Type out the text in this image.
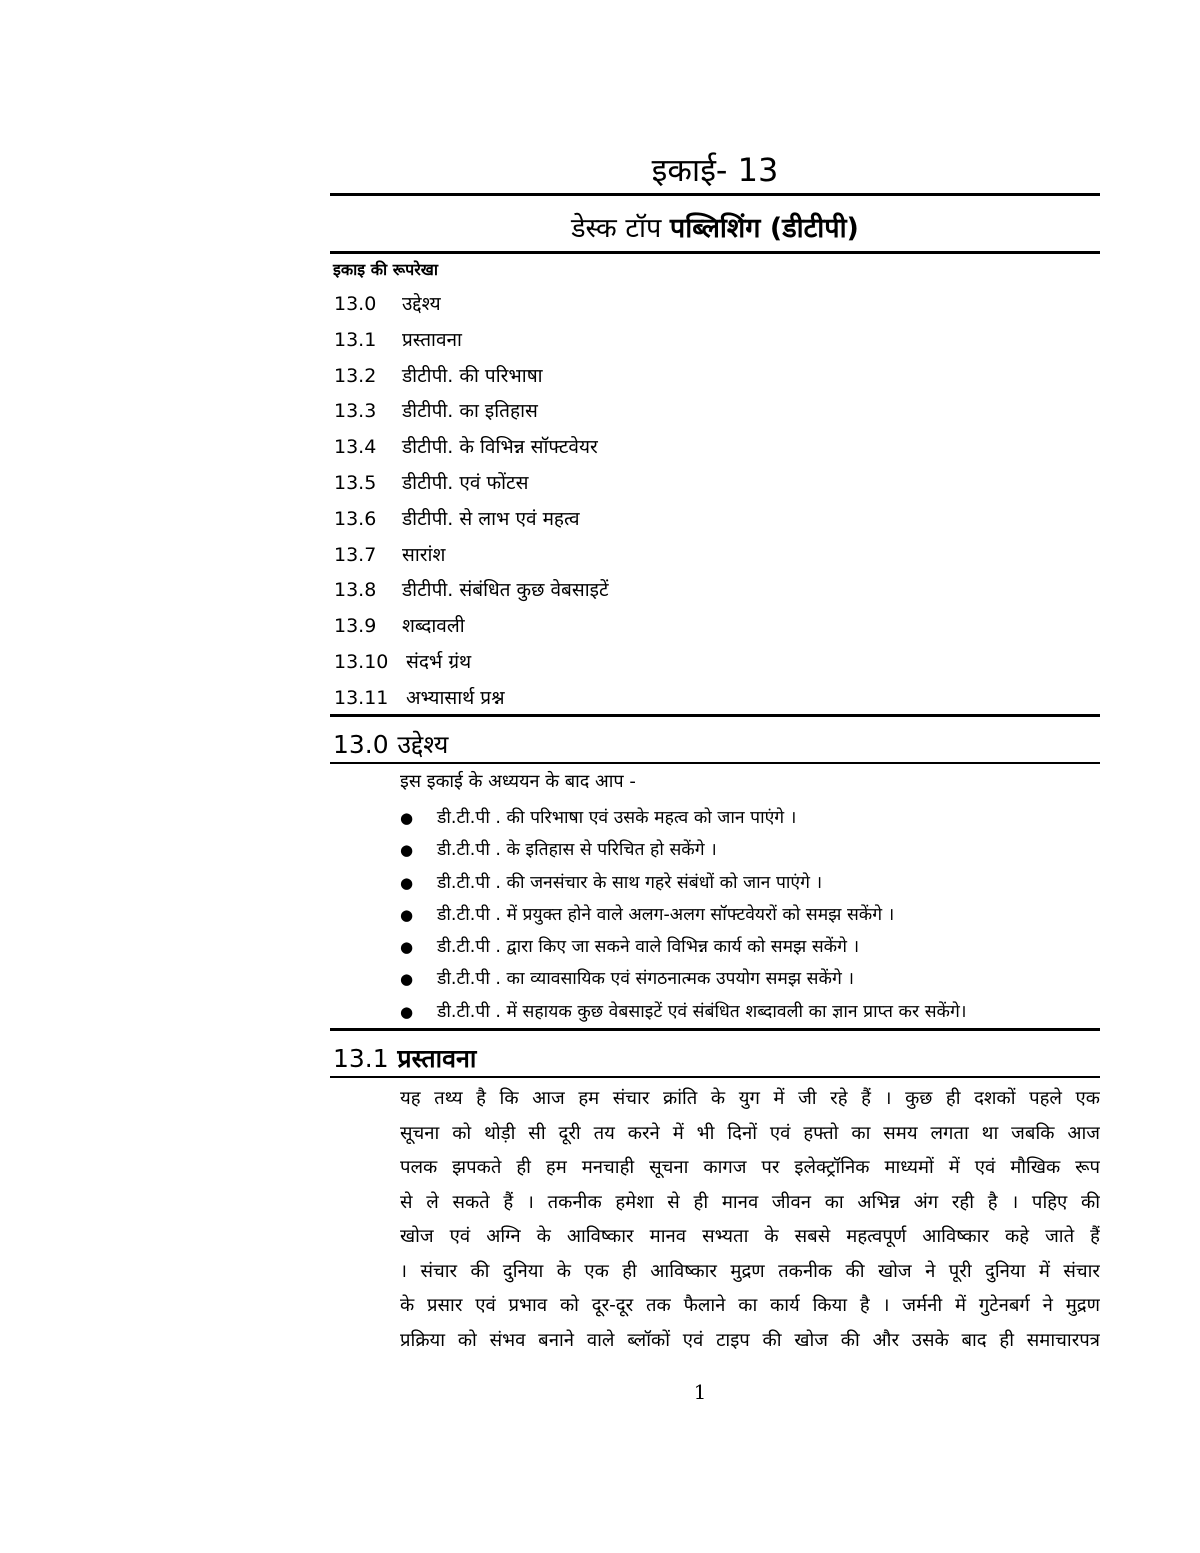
इकाई- 13
डेस्क टॉप पब्लिशिंग (डीटीपी)
इकाइ की रूपरेखा
13.0 उद्देश्य
13.1 प्रस्तावना
13.2 डीटीपी. की परिभाषा
13.3 डीटीपी. का इतिहास
13.4 डीटीपी. के विभिन्न सॉफ्टवेयर
13.5 डीटीपी. एवं फोंटस
13.6 डीटीपी. से लाभ एवं महत्व
13.7 सारांश
13.8 डीटीपी. संबंधित कुछ वेबसाइटें
13.9 शब्दावली
13.10 संदर्भ ग्रंथ
13.11 अभ्यासार्थ प्रश्न
13.0 उद्देश्य
इस इकाई के अध्ययन के बाद आप -
● डी.टी.पी . की परिभाषा एवं उसके महत्व को जान पाएंगे ।
● डी.टी.पी . के इतिहास से परिचित हो सकेंगे ।
● डी.टी.पी . की जनसंचार के साथ गहरे संबंधों को जान पाएंगे ।
● डी.टी.पी . में प्रयुक्त होने वाले अलग-अलग सॉफ्टवेयरों को समझ सकेंगे ।
● डी.टी.पी . द्वारा किए जा सकने वाले विभिन्न कार्य को समझ सकेंगे ।
● डी.टी.पी . का व्यावसायिक एवं संगठनात्मक उपयोग समझ सकेंगे ।
● डी.टी.पी . में सहायक कुछ वेबसाइटें एवं संबंधित शब्दावली का ज्ञान प्राप्त कर सकेंगे।
13.1 प्रस्तावना
यह तथ्य है कि आज हम संचार क्रांति के युग में जी रहे हैं । कुछ ही दशकों पहले एक
सूचना को थोड़ी सी दूरी तय करने में भी दिनों एवं हफ्तो का समय लगता था जबकि आज
पलक झपकते ही हम मनचाही सूचना कागज पर इलेक्ट्रॉनिक माध्यमों में एवं मौखिक रूप
से ले सकते हैं । तकनीक हमेशा से ही मानव जीवन का अभिन्न अंग रही है । पहिए की
खोज एवं अग्नि के आविष्कार मानव सभ्यता के सबसे महत्वपूर्ण आविष्कार कहे जाते हैं
। संचार की दुनिया के एक ही आविष्कार मुद्रण तकनीक की खोज ने पूरी दुनिया में संचार
के प्रसार एवं प्रभाव को दूर-दूर तक फैलाने का कार्य किया है । जर्मनी में गुटेनबर्ग ने मुद्रण
प्रक्रिया को संभव बनाने वाले ब्लॉकों एवं टाइप की खोज की और उसके बाद ही समाचारपत्र
1
